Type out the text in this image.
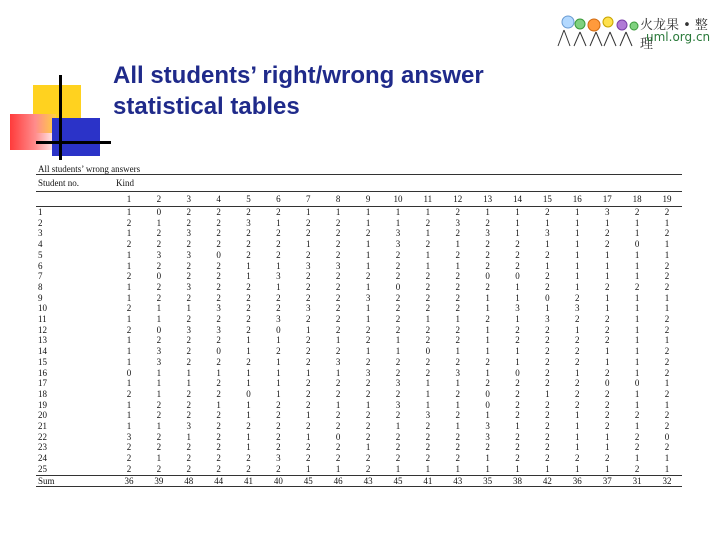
All students’ right/wrong answer
statistical tables
火龙果 • 整理
uml.org.cn
All students’ wrong answers
Student no.	Kind																		
	1	2	3	4	5	6	7	8	9	10	11	12	13	14	15	16	17	18	19
1	1	0	2	2	2	2	1	1	1	1	1	2	1	1	2	1	3	2	2
2	2	1	2	2	3	1	2	2	1	1	2	3	2	1	1	1	1	1	1
3	1	2	3	2	2	2	2	2	2	3	1	2	3	1	3	1	2	1	2
4	2	2	2	2	2	2	1	2	1	3	2	1	2	2	1	1	2	0	1
5	1	3	3	0	2	2	2	2	1	2	1	2	2	2	2	1	1	1	1
6	1	2	2	2	1	1	3	3	1	2	1	1	2	2	1	1	1	1	2
7	2	0	2	2	1	3	2	2	2	2	2	2	0	0	2	1	1	1	2
8	1	2	3	2	2	1	2	2	1	0	2	2	2	1	2	1	2	2	2
9	1	2	2	2	2	2	2	2	3	2	2	2	1	1	0	2	1	1	1
10	2	1	1	3	2	2	3	2	1	2	2	2	1	3	1	3	1	1	1
11	1	1	2	2	2	3	2	2	1	2	1	1	2	1	3	2	2	1	2
12	2	0	3	3	2	0	1	2	2	2	2	2	1	2	2	1	2	1	2
13	1	2	2	2	1	1	2	1	2	1	2	2	1	2	2	2	2	1	1
14	1	3	2	0	1	2	2	2	1	1	0	1	1	1	2	2	1	1	2
15	1	3	2	2	2	1	2	3	2	2	2	2	2	1	2	2	1	1	2
16	0	1	1	1	1	1	1	1	3	2	2	3	1	0	2	1	2	1	2
17	1	1	1	2	1	1	2	2	2	3	1	1	2	2	2	2	0	0	1
18	2	1	2	2	0	1	2	2	2	2	1	2	0	2	1	2	2	1	2
19	1	2	2	1	1	2	2	1	1	3	1	1	0	2	2	2	2	1	1
20	1	2	2	2	1	2	1	2	2	2	3	2	1	2	2	1	2	2	2
21	1	1	3	2	2	2	2	2	2	1	2	1	3	1	2	1	2	1	2
22	3	2	1	2	1	2	1	0	2	2	2	2	3	2	2	1	1	2	0
23	2	2	2	2	1	2	2	2	1	2	2	2	2	2	2	1	1	2	2
24	2	1	2	2	2	3	2	2	2	2	2	2	1	2	2	2	2	1	1
25	2	2	2	2	2	2	1	1	2	1	1	1	1	1	1	1	1	2	1
Sum	36	39	48	44	41	40	45	46	43	45	41	43	35	38	42	36	37	31	32
